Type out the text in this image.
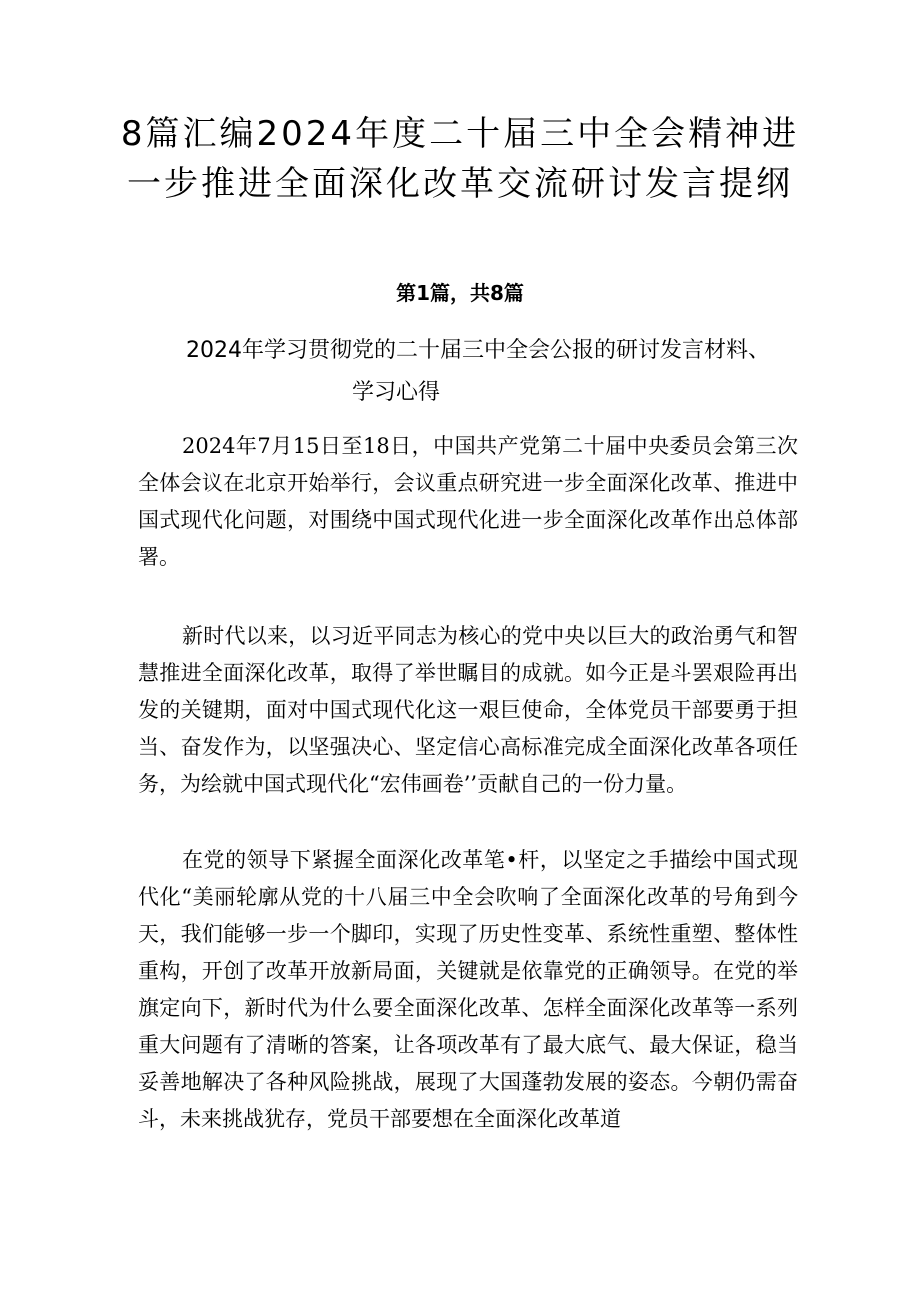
8篇汇编2024年度二十届三中全会精神进
一步推进全面深化改革交流研讨发言提纲
第1篇，共8篇
2024年学习贯彻党的二十届三中全会公报的研讨发言材料、
学习心得

2024年7月15日至18日，中国共产党第二十届中央委员会第三次全体会议在北京开始举行，会议重点研究进一步全面深化改革、推进中国式现代化问题，对围绕中国式现代化进一步全面深化改革作出总体部署。

新时代以来，以习近平同志为核心的党中央以巨大的政治勇气和智慧推进全面深化改革，取得了举世瞩目的成就。如今正是斗罢艰险再出发的关键期，面对中国式现代化这一艰巨使命，全体党员干部要勇于担当、奋发作为，以坚强决心、坚定信心高标准完成全面深化改革各项任务，为绘就中国式现代化“宏伟画卷’’贡献自己的一份力量。

在党的领导下紧握全面深化改革笔•杆，以坚定之手描绘中国式现代化“美丽轮廓从党的十八届三中全会吹响了全面深化改革的号角到今天，我们能够一步一个脚印，实现了历史性变革、系统性重塑、整体性重构，开创了改革开放新局面，关键就是依靠党的正确领导。在党的举旗定向下，新时代为什么要全面深化改革、怎样全面深化改革等一系列重大问题有了清晰的答案，让各项改革有了最大底气、最大保证，稳当妥善地解决了各种风险挑战，展现了大国蓬勃发展的姿态。今朝仍需奋斗，未来挑战犹存，党员干部要想在全面深化改革道
